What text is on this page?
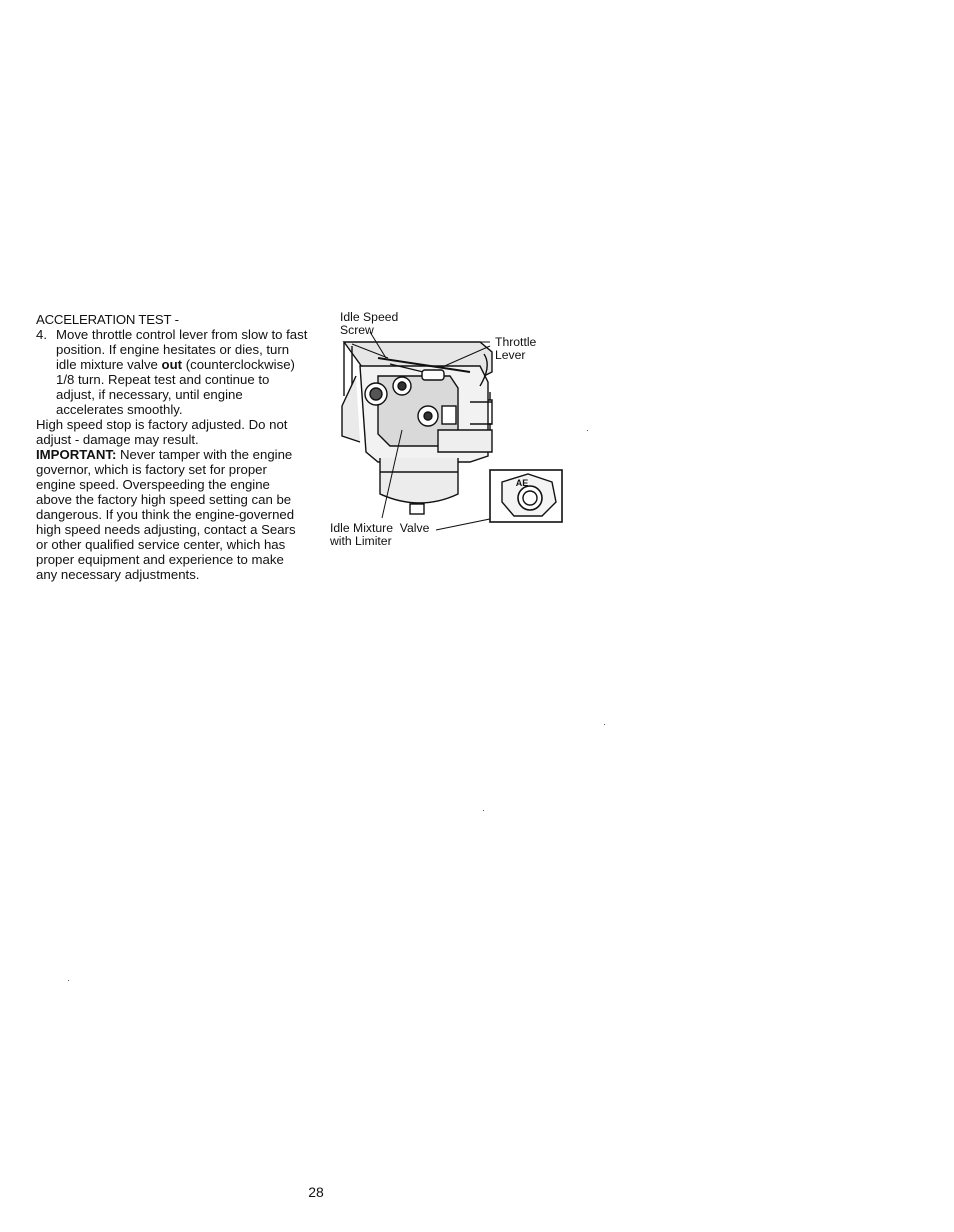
ACCELERATION TEST -

4. Move throttle control lever from slow to fast position. If engine hesitates or dies, turn idle mixture valve out (counterclockwise) 1/8 turn. Repeat test and continue to adjust, if necessary, until engine accelerates smoothly.

High speed stop is factory adjusted. Do not adjust - damage may result.

IMPORTANT: Never tamper with the engine governor, which is factory set for proper engine speed. Overspeeding the engine above the factory high speed setting can be dangerous. If you think the engine-governed high speed needs adjusting, contact a Sears or other qualified service center, which has proper equipment and experience to make any necessary adjustments.

AE
Idle Speed
Screw
Throttle
Lever
Idle Mixture  Valve
with Limiter
28
